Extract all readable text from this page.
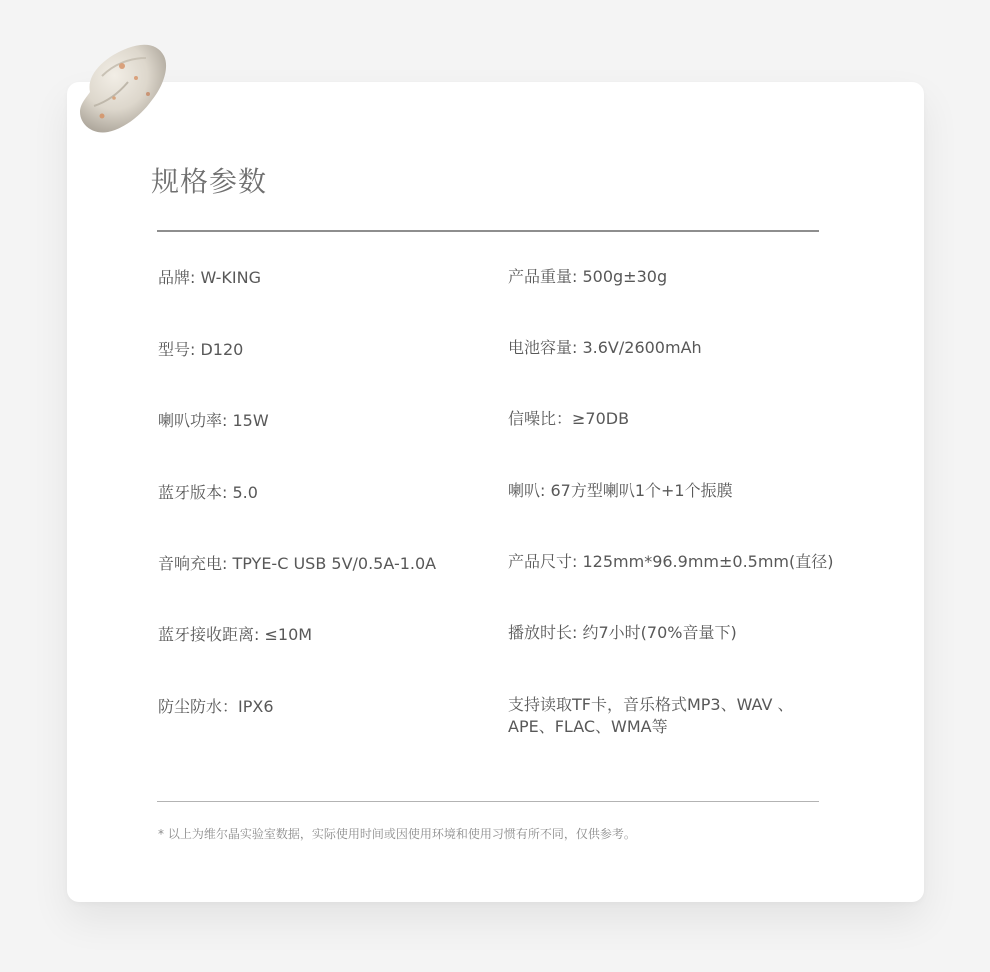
规格参数
品牌: W-KING
型号: D120
喇叭功率: 15W
蓝牙版本: 5.0
音响充电: TPYE-C USB 5V/0.5A-1.0A
蓝牙接收距离: ≤10M
防尘防水：IPX6
产品重量: 500g±30g
电池容量: 3.6V/2600mAh
信噪比：≥70DB
喇叭: 67方型喇叭1个+1个振膜
产品尺寸: 125mm*96.9mm±0.5mm(直径)
播放时长: 约7小时(70%音量下)
支持读取TF卡，音乐格式MP3、WAV 、
APE、FLAC、WMA等
* 以上为维尔晶实验室数据，实际使用时间或因使用环境和使用习惯有所不同，仅供参考。
